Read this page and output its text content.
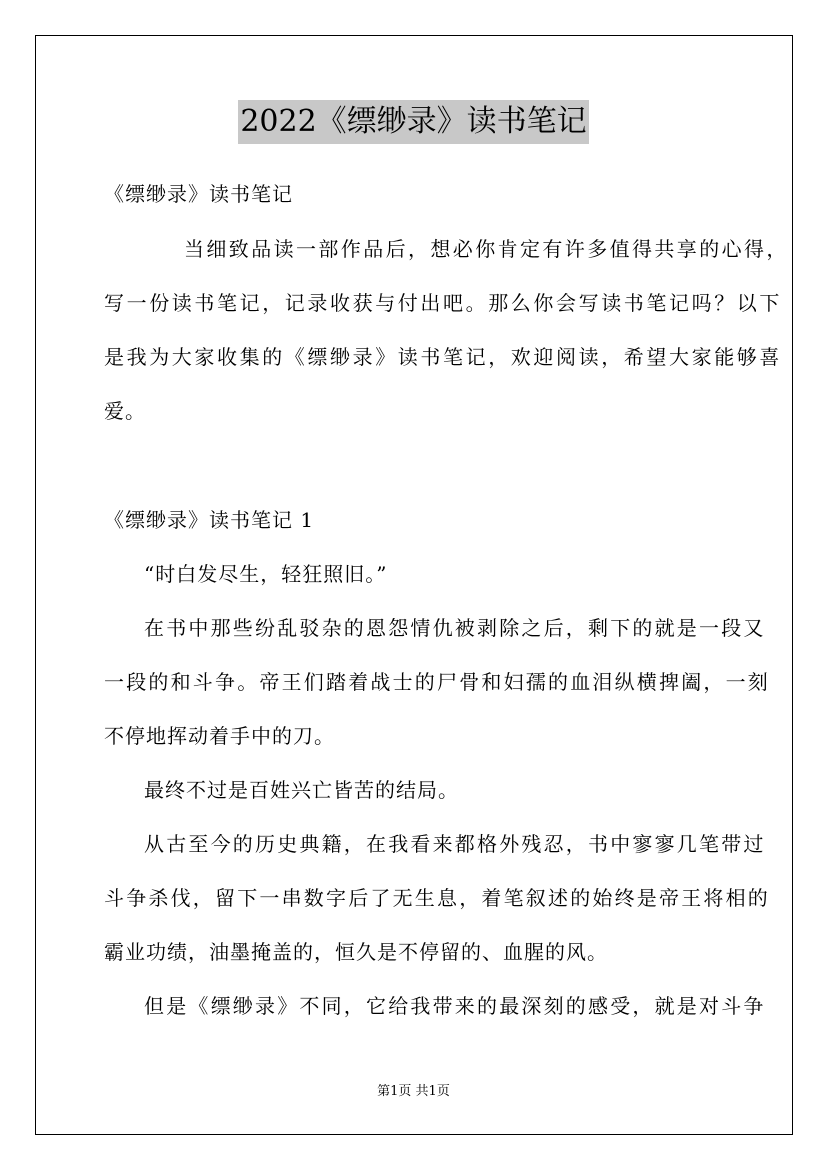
2022《缥缈录》读书笔记
《缥缈录》读书笔记
当细致品读一部作品后，想必你肯定有许多值得共享的心得，
写一份读书笔记，记录收获与付出吧。那么你会写读书笔记吗？以下
是我为大家收集的《缥缈录》读书笔记，欢迎阅读，希望大家能够喜
爱。
《缥缈录》读书笔记 1
“时白发尽生，轻狂照旧。”
在书中那些纷乱驳杂的恩怨情仇被剥除之后，剩下的就是一段又
一段的和斗争。帝王们踏着战士的尸骨和妇孺的血泪纵横捭阖，一刻
不停地挥动着手中的刀。
最终不过是百姓兴亡皆苦的结局。
从古至今的历史典籍，在我看来都格外残忍，书中寥寥几笔带过
斗争杀伐，留下一串数字后了无生息，着笔叙述的始终是帝王将相的
霸业功绩，油墨掩盖的，恒久是不停留的、血腥的风。
但是《缥缈录》不同，它给我带来的最深刻的感受，就是对斗争
第1页 共1页
